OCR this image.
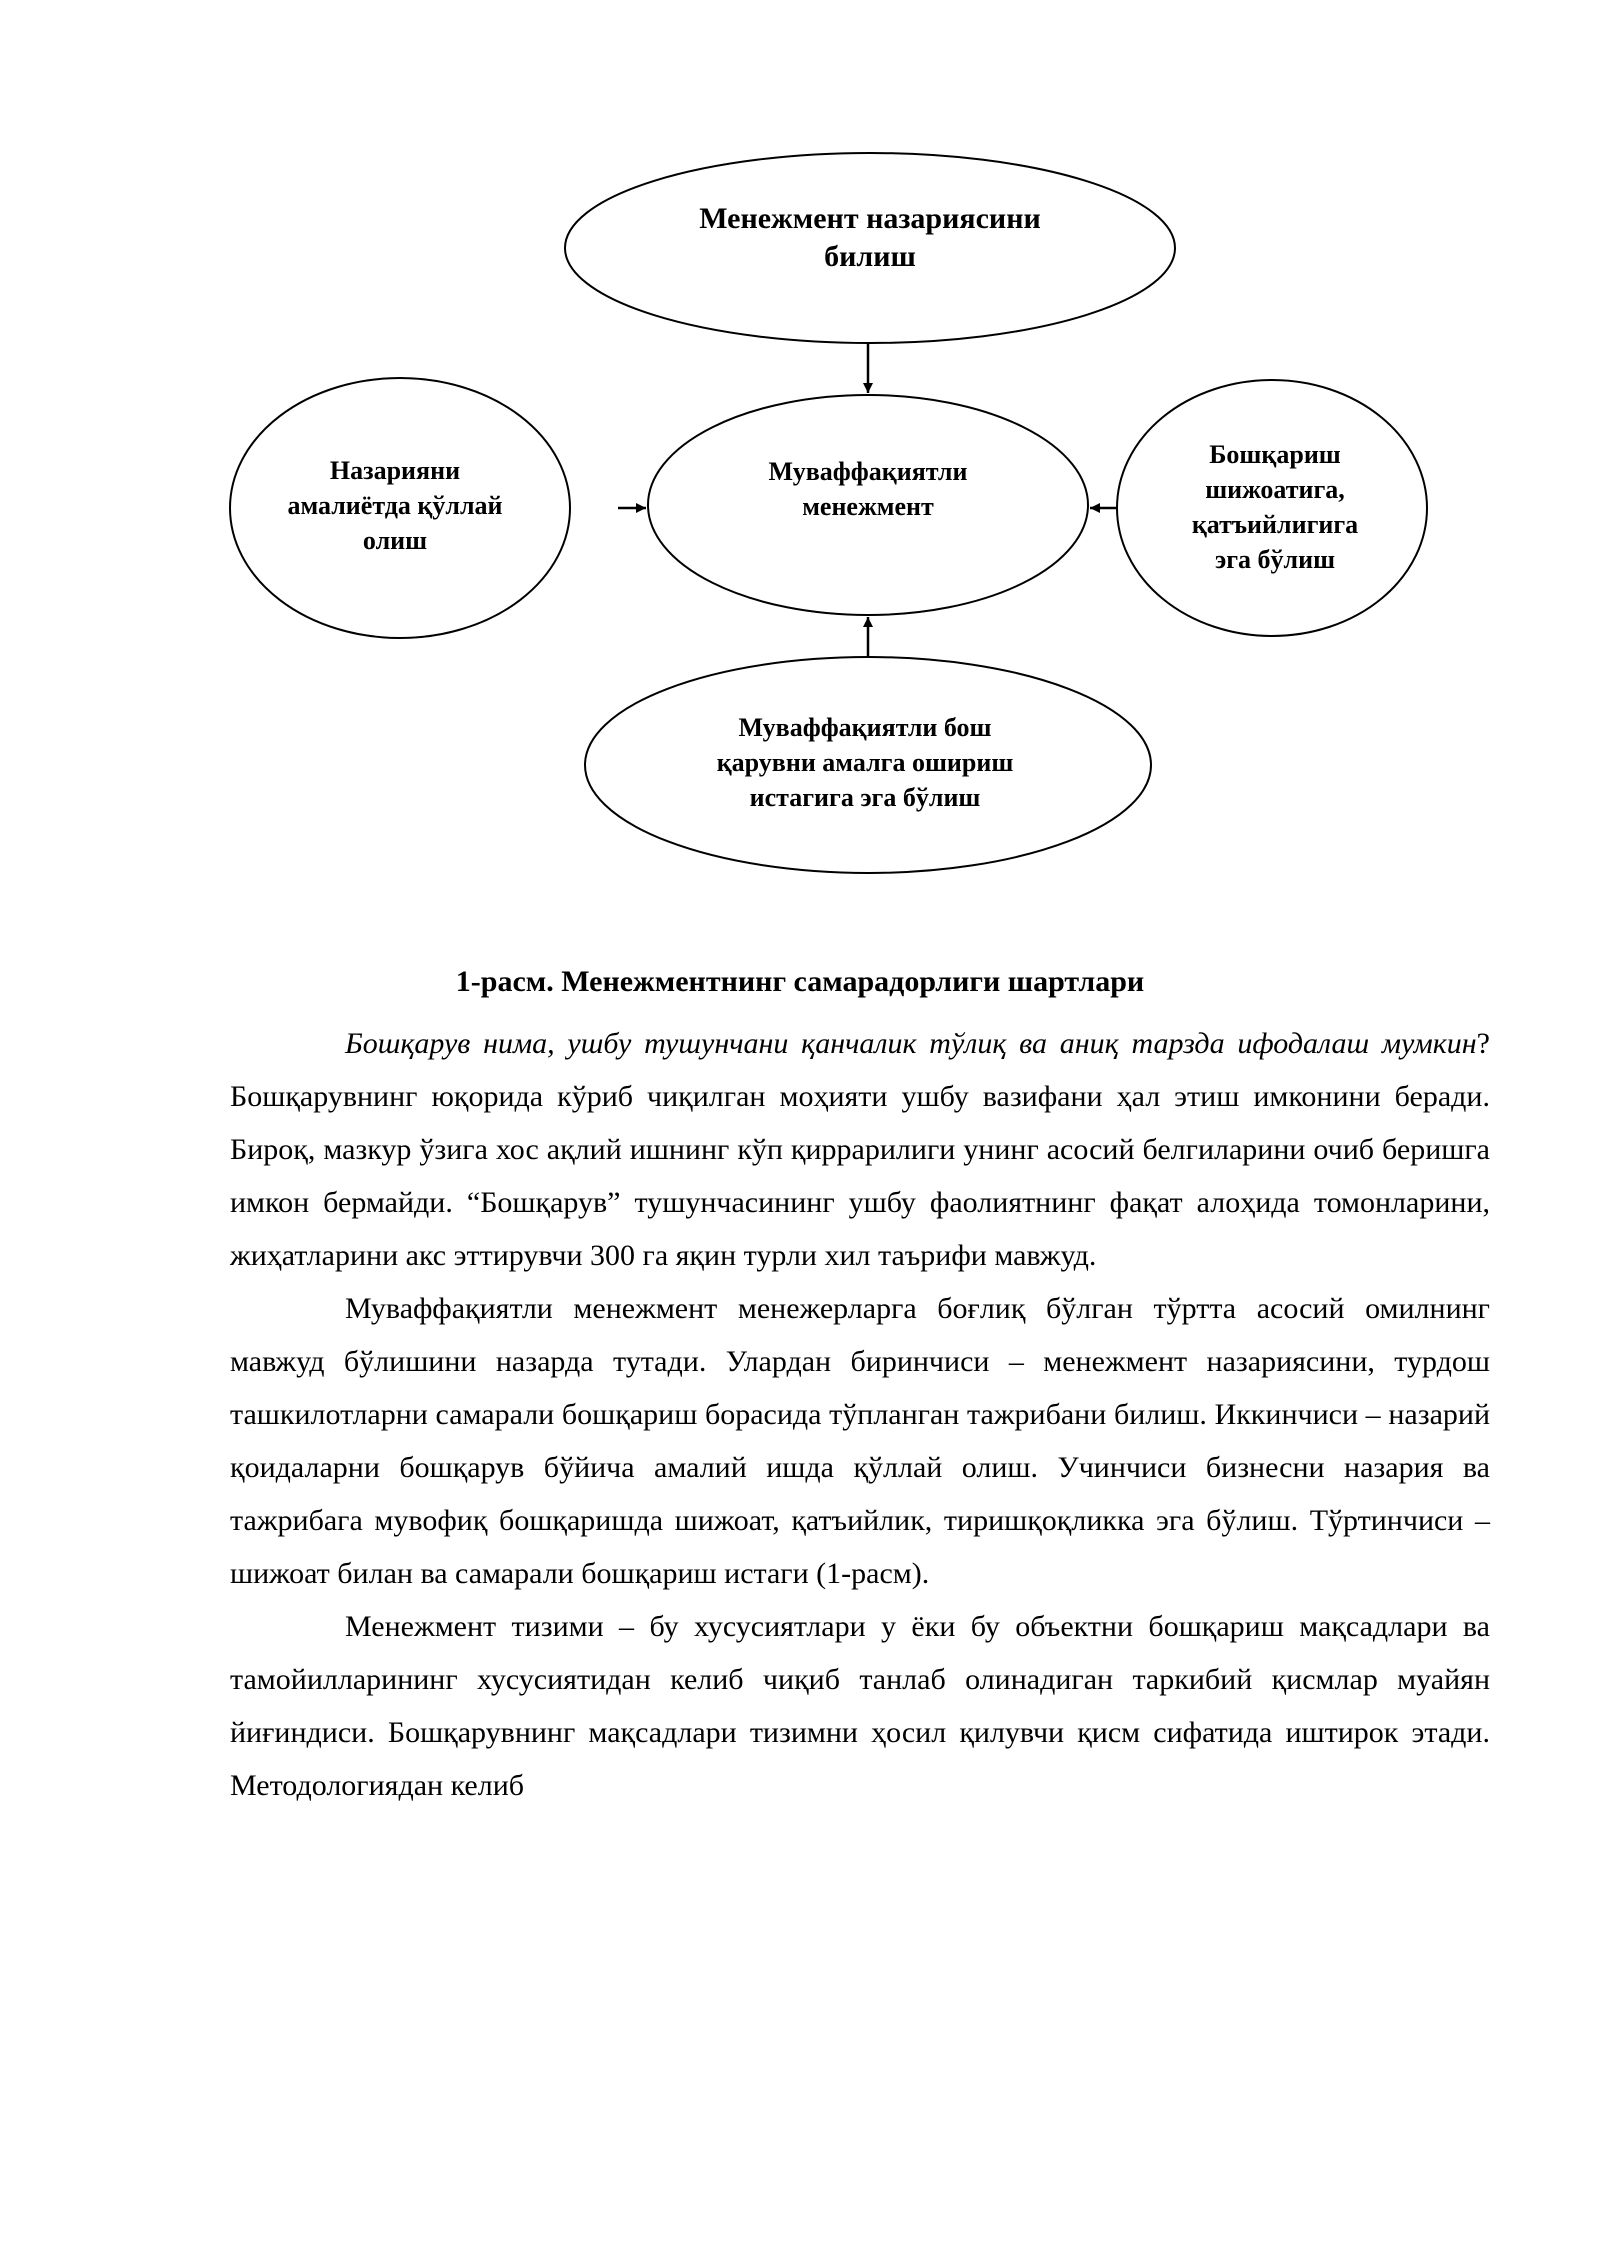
Менежмент назариясини
билиш
Муваффақиятли
менежмент
Назарияни
амалиётда қўллай
олиш
Бошқариш
шижоатига,
қатъийлигига
эга бўлиш
Муваффақиятли бош
қарувни амалга ошириш
истагига эга бўлиш
1-расм. Менежментнинг самарадорлиги шартлари

Бошқарув нима, ушбу тушунчани қанчалик тўлиқ ва аниқ тарзда ифодалаш мумкин? Бошқарувнинг юқорида кўриб чиқилган моҳияти ушбу вазифани ҳал этиш имконини беради. Бироқ, мазкур ўзига хос ақлий ишнинг кўп қиррарилиги унинг асосий белгиларини очиб беришга имкон бермайди. “Бошқарув” тушунчасининг ушбу фаолиятнинг фақат алоҳида томонларини, жиҳатларини акс эттирувчи 300 га яқин турли хил таърифи мавжуд.

Муваффақиятли менежмент менежерларга боғлиқ бўлган тўртта асосий омилнинг мавжуд бўлишини назарда тутади. Улардан биринчиси – менежмент назариясини, турдош ташкилотларни самарали бошқариш борасида тўпланган тажрибани билиш. Иккинчиси – назарий қоидаларни бошқарув бўйича амалий ишда қўллай олиш. Учинчиси бизнесни назария ва тажрибага мувофиқ бошқаришда шижоат, қатъийлик, тиришқоқликка эга бўлиш. Тўртинчиси – шижоат билан ва самарали бошқариш истаги (1-расм).

Менежмент тизими – бу хусусиятлари у ёки бу объектни бошқариш мақсадлари ва тамойилларининг хусусиятидан келиб чиқиб танлаб олинадиган таркибий қисмлар муайян йиғиндиси. Бошқарувнинг мақсадлари тизимни ҳосил қилувчи қисм сифатида иштирок этади. Методологиядан келиб
